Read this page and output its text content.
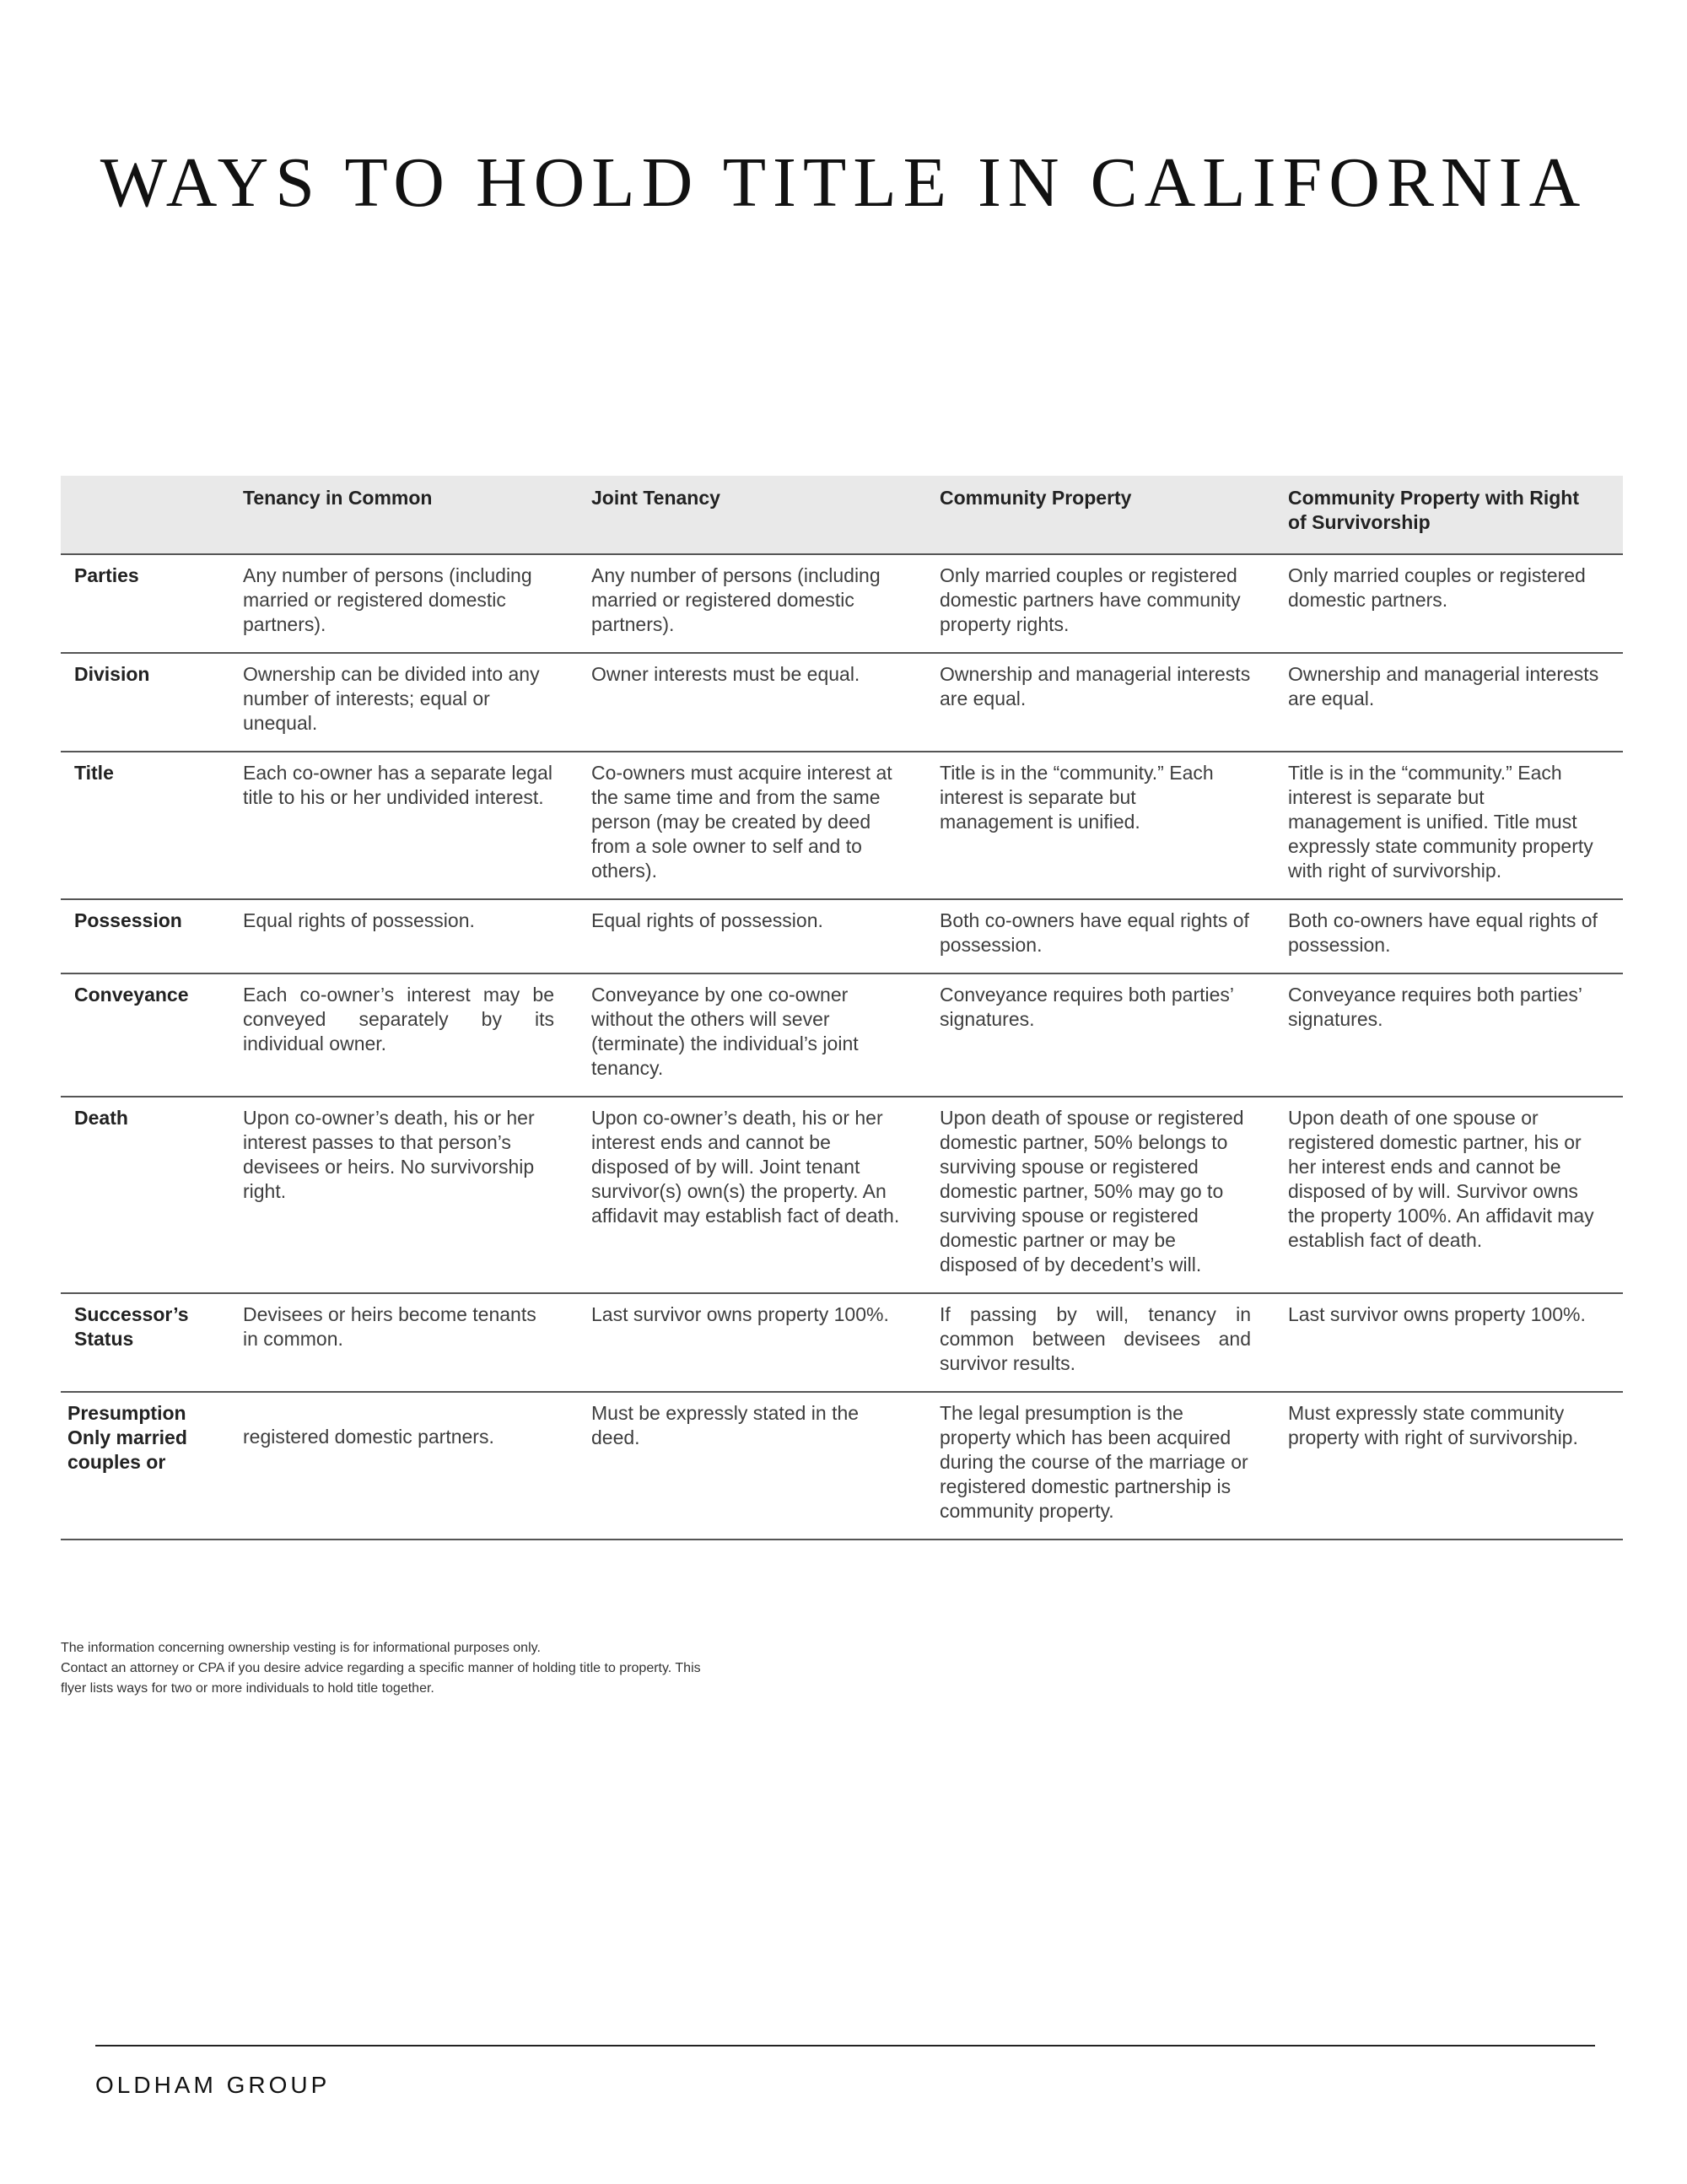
WAYS TO HOLD TITLE IN CALIFORNIA
	Tenancy in Common	Joint Tenancy	Community Property	Community Property with Right of Survivorship
Parties	Any number of persons (including married or registered domestic partners).	Any number of persons (including married or registered domestic partners).	Only married couples or registered domestic partners have community property rights.	Only married couples or registered domestic partners.
Division	Ownership can be divided into any number of interests; equal or unequal.	Owner interests must be equal.	Ownership and managerial interests are equal.	Ownership and managerial interests are equal.
Title	Each co-owner has a separate legal title to his or her undivided interest.	Co-owners must acquire interest at the same time and from the same person (may be created by deed from a sole owner to self and to others).	Title is in the “community.” Each interest is separate but management is unified.	Title is in the “community.” Each interest is separate but management is unified. Title must expressly state community property with right of survivorship.
Possession	Equal rights of possession.	Equal rights of possession.	Both co-owners have equal rights of possession.	Both co-owners have equal rights of possession.
Conveyance	Each co-owner’s interest may be conveyed separately by its individual owner.	Conveyance by one co-owner without the others will sever (terminate) the individual’s joint tenancy.	Conveyance requires both parties’ signatures.	Conveyance requires both parties’ signatures.
Death	Upon co-owner’s death, his or her interest passes to that person’s devisees or heirs. No survivorship right.	Upon co-owner’s death, his or her interest ends and cannot be disposed of by will. Joint tenant survivor(s) own(s) the property. An affidavit may establish fact of death.	Upon death of spouse or registered domestic partner, 50% belongs to surviving spouse or registered domestic partner, 50% may go to surviving spouse or registered domestic partner or may be disposed of by decedent’s will.	Upon death of one spouse or registered domestic partner, his or her interest ends and cannot be disposed of by will. Survivor owns the property 100%. An affidavit may establish fact of death.
Successor’s Status	Devisees or heirs become tenants in common.	Last survivor owns property 100%.	If passing by will, tenancy in common between devisees and survivor results.	Last survivor owns property 100%.
Presumption Only married couples or	registered domestic partners.	Must be expressly stated in the deed.	The legal presumption is the property which has been acquired during the course of the marriage or registered domestic partnership is community property.	Must expressly state community property with right of survivorship.
The information concerning ownership vesting is for informational purposes only.
Contact an attorney or CPA if you desire advice regarding a specific manner of holding title to property. This
flyer lists ways for two or more individuals to hold title together.
OLDHAM GROUP
